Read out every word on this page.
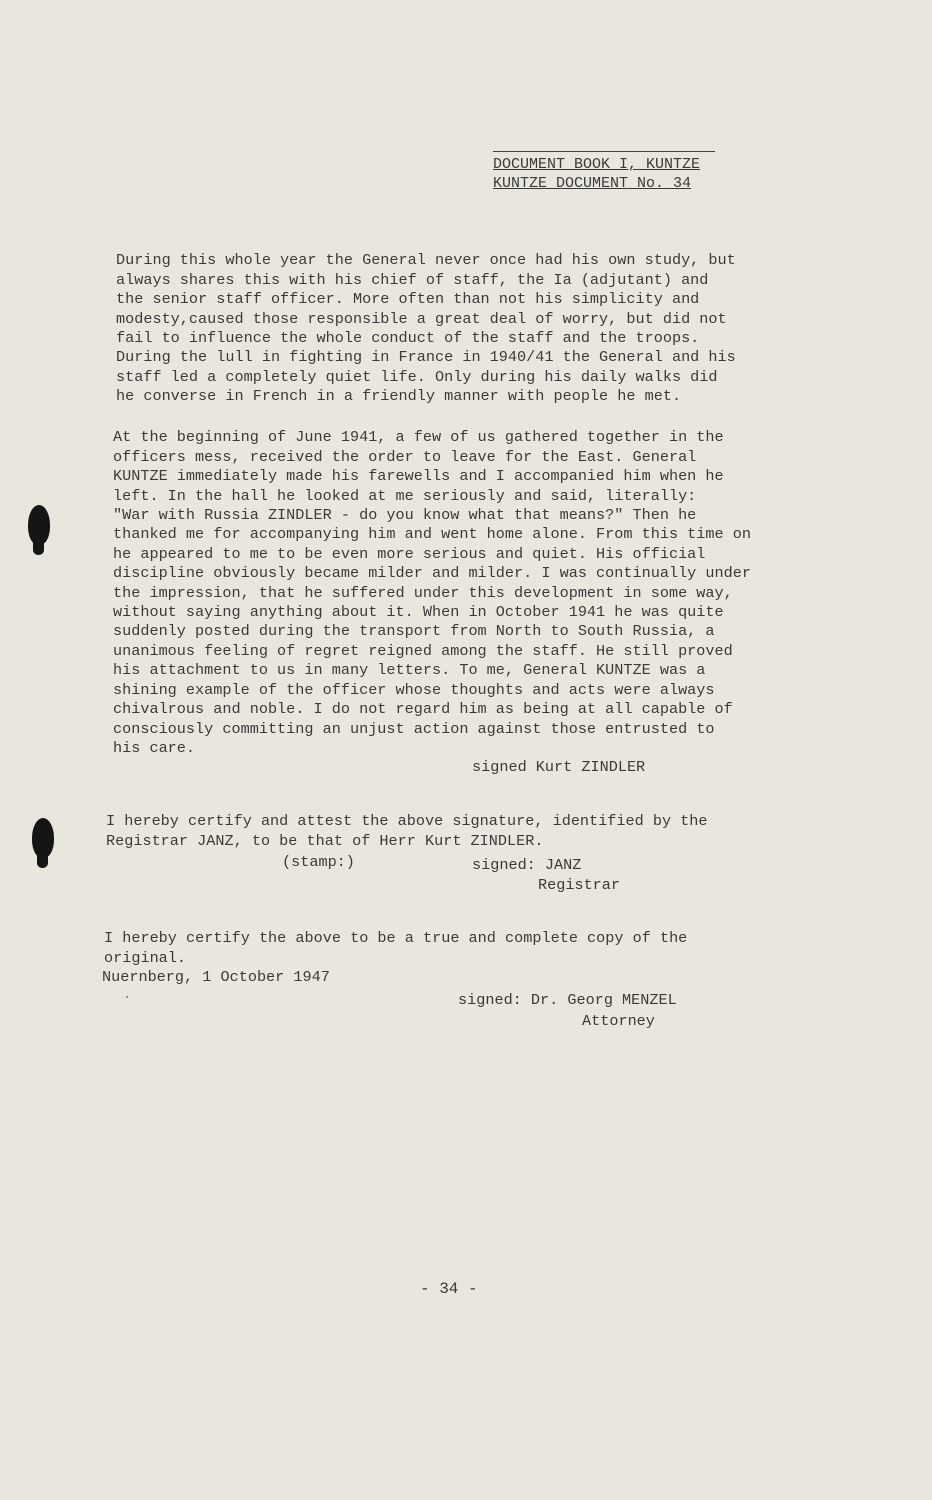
DOCUMENT BOOK I, KUNTZE
KUNTZE DOCUMENT No. 34

During this whole year the General never once had his own study, but
always shares this with his chief of staff, the Ia (adjutant) and
the senior staff officer. More often than not his simplicity and
modesty,caused those responsible a great deal of worry, but did not
fail to influence the whole conduct of the staff and the troops.
During the lull in fighting in France in 1940/41 the General and his
staff led a completely quiet life. Only during his daily walks did
he converse in French in a friendly manner with people he met.

At the beginning of June 1941, a few of us gathered together in the
officers mess, received the order to leave for the East. General
KUNTZE immediately made his farewells and I accompanied him when he
left. In the hall he looked at me seriously and said, literally:
"War with Russia ZINDLER - do you know what that means?" Then he
thanked me for accompanying him and went home alone. From this time on
he appeared to me to be even more serious and quiet. His official
discipline obviously became milder and milder. I was continually under
the impression, that he suffered under this development in some way,
without saying anything about it. When in October 1941 he was quite
suddenly posted during the transport from North to South Russia, a
unanimous feeling of regret reigned among the staff. He still proved
his attachment to us in many letters. To me, General KUNTZE was a
shining example of the officer whose thoughts and acts were always
chivalrous and noble. I do not regard him as being at all capable of
consciously committing an unjust action against those entrusted to
his care.

signed Kurt ZINDLER

I hereby certify and attest the above signature, identified by the
Registrar JANZ, to be that of Herr Kurt ZINDLER.

(stamp:)	signed: JANZ
Registrar

I hereby certify the above to be a true and complete copy of the
original.

Nuernberg, 1 October 1947
signed: Dr. Georg MENZEL
Attorney
- 34 -
